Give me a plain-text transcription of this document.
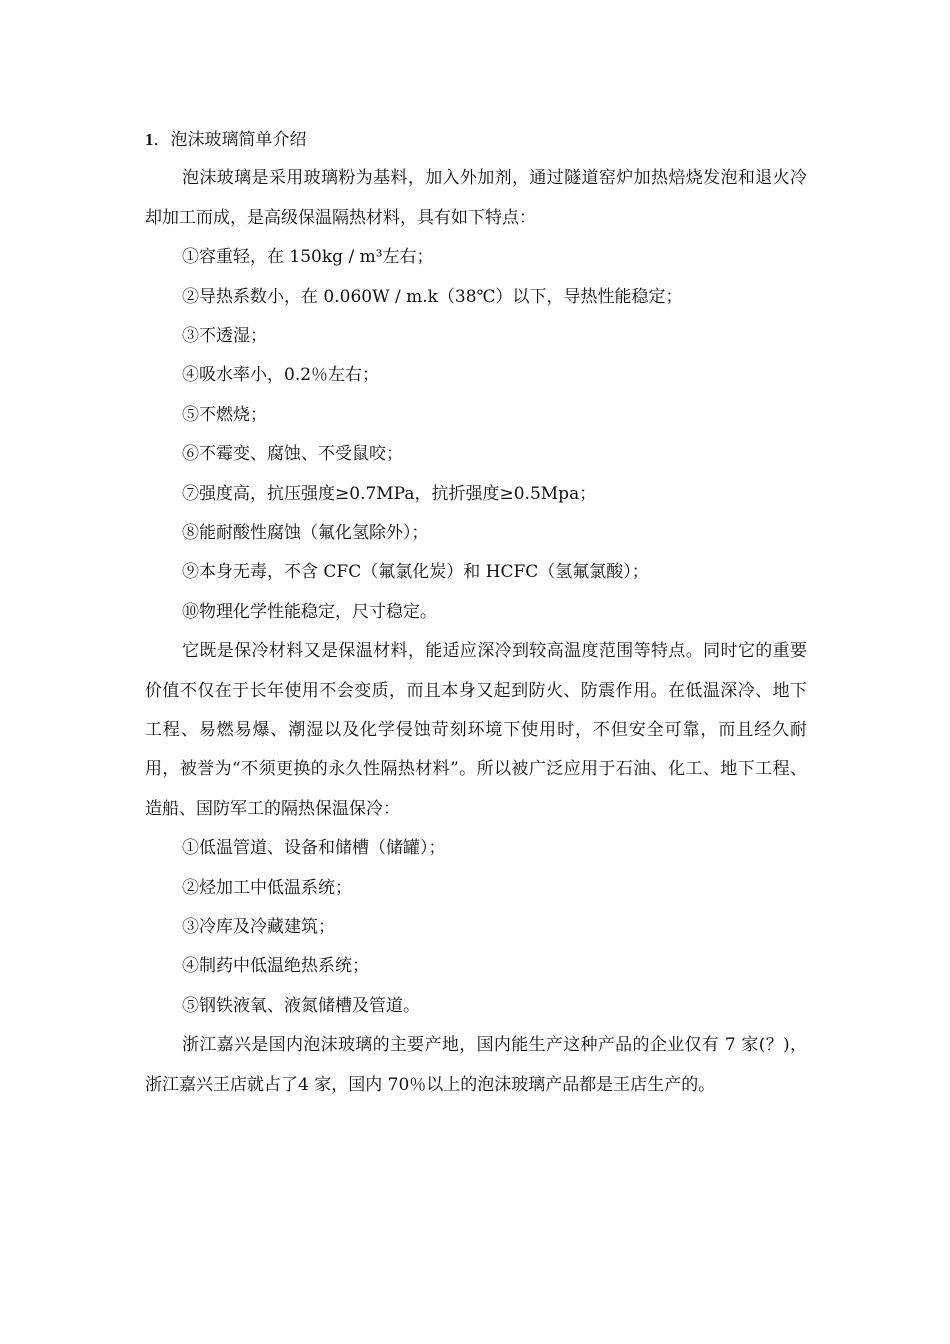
1．泡沫玻璃简单介绍

泡沫玻璃是采用玻璃粉为基料，加入外加剂，通过隧道窑炉加热焙烧发泡和退火冷却加工而成，是高级保温隔热材料，具有如下特点：

①容重轻，在 150kg / m³左右；
②导热系数小，在 0.060W / m.k（38℃）以下，导热性能稳定；
③不透湿；
④吸水率小，0.2％左右；
⑤不燃烧；
⑥不霉变、腐蚀、不受鼠咬；
⑦强度高，抗压强度≥0.7MPa，抗折强度≥0.5Mpa；
⑧能耐酸性腐蚀（氟化氢除外）；
⑨本身无毒，不含 CFC（氟氯化炭）和 HCFC（氢氟氯酸）；
⑩物理化学性能稳定，尺寸稳定。

它既是保冷材料又是保温材料，能适应深冷到较高温度范围等特点。同时它的重要价值不仅在于长年使用不会变质，而且本身又起到防火、防震作用。在低温深冷、地下工程、易燃易爆、潮湿以及化学侵蚀苛刻环境下使用时，不但安全可靠，而且经久耐用，被誉为“不须更换的永久性隔热材料”。所以被广泛应用于石油、化工、地下工程、造船、国防军工的隔热保温保冷：

①低温管道、设备和储槽（储罐）；
②烃加工中低温系统；
③冷库及冷藏建筑；
④制药中低温绝热系统；
⑤钢铁液氧、液氮储槽及管道。

浙江嘉兴是国内泡沫玻璃的主要产地，国内能生产这种产品的企业仅有 7 家(？)，浙江嘉兴王店就占了4 家，国内 70％以上的泡沫玻璃产品都是王店生产的。
